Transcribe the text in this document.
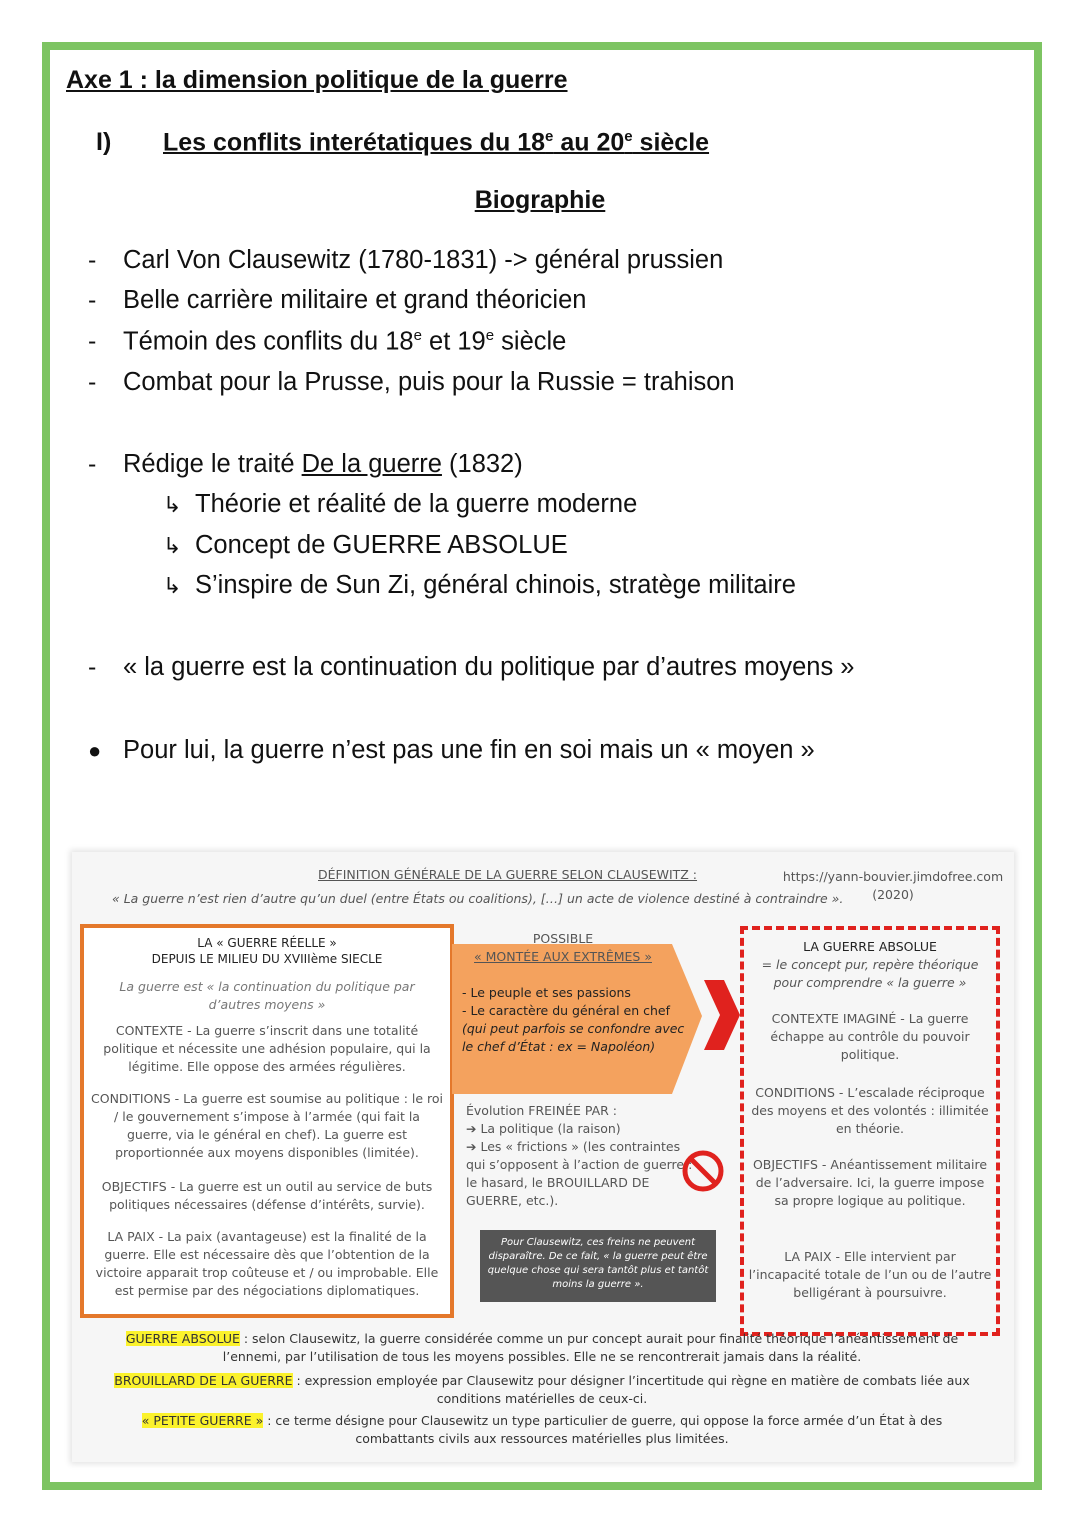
Axe 1 : la dimension politique de la guerre
I) Les conflits interétatiques du 18e au 20e siècle
Biographie
- Carl Von Clausewitz (1780-1831) -> général prussien
- Belle carrière militaire et grand théoricien
- Témoin des conflits du 18e et 19e siècle
- Combat pour la Prusse, puis pour la Russie = trahison
- Rédige le traité De la guerre (1832)
↳ Théorie et réalité de la guerre moderne
↳ Concept de GUERRE ABSOLUE
↳ S’inspire de Sun Zi, général chinois, stratège militaire
- « la guerre est la continuation du politique par d’autres moyens »
● Pour lui, la guerre n’est pas une fin en soi mais un « moyen »
DÉFINITION GÉNÉRALE DE LA GUERRE SELON CLAUSEWITZ :	https://yann-bouvier.jimdofree.com (2020)
« La guerre n’est rien d’autre qu’un duel (entre États ou coalitions), […] un acte de violence destiné à contraindre ».
LA « GUERRE RÉELLE »
DEPUIS LE MILIEU DU XVIIIème SIECLE
La guerre est « la continuation du politique par d’autres moyens »
CONTEXTE - La guerre s’inscrit dans une totalité politique et nécessite une adhésion populaire, qui la légitime. Elle oppose des armées régulières.
CONDITIONS - La guerre est soumise au politique : le roi / le gouvernement s’impose à l’armée (qui fait la guerre, via le général en chef). La guerre est proportionnée aux moyens disponibles (limitée).
OBJECTIFS - La guerre est un outil au service de buts politiques nécessaires (défense d’intérêts, survie).
LA PAIX - La paix (avantageuse) est la finalité de la guerre. Elle est nécessaire dès que l’obtention de la victoire apparait trop coûteuse et / ou improbable. Elle est permise par des négociations diplomatiques.
POSSIBLE
« MONTÉE AUX EXTRÊMES »
- Le peuple et ses passions
- Le caractère du général en chef
(qui peut parfois se confondre avec le chef d’État : ex = Napoléon)
Évolution FREINÉE PAR :
➔ La politique (la raison)
➔ Les « frictions » (les contraintes qui s’opposent à l’action de guerre : le hasard, le BROUILLARD DE GUERRE, etc.).
Pour Clausewitz, ces freins ne peuvent disparaître. De ce fait, « la guerre peut être quelque chose qui sera tantôt plus et tantôt moins la guerre ».
LA GUERRE ABSOLUE
= le concept pur, repère théorique pour comprendre « la guerre »
CONTEXTE IMAGINÉ - La guerre échappe au contrôle du pouvoir politique.
CONDITIONS - L’escalade réciproque des moyens et des volontés : illimitée en théorie.
OBJECTIFS - Anéantissement militaire de l’adversaire. Ici, la guerre impose sa propre logique au politique.
LA PAIX - Elle intervient par l’incapacité totale de l’un ou de l’autre belligérant à poursuivre.
GUERRE ABSOLUE : selon Clausewitz, la guerre considérée comme un pur concept aurait pour finalité théorique l’anéantissement de l’ennemi, par l’utilisation de tous les moyens possibles. Elle ne se rencontrerait jamais dans la réalité.
BROUILLARD DE LA GUERRE : expression employée par Clausewitz pour désigner l’incertitude qui règne en matière de combats liée aux conditions matérielles de ceux-ci.
« PETITE GUERRE » : ce terme désigne pour Clausewitz un type particulier de guerre, qui oppose la force armée d’un État à des combattants civils aux ressources matérielles plus limitées.
